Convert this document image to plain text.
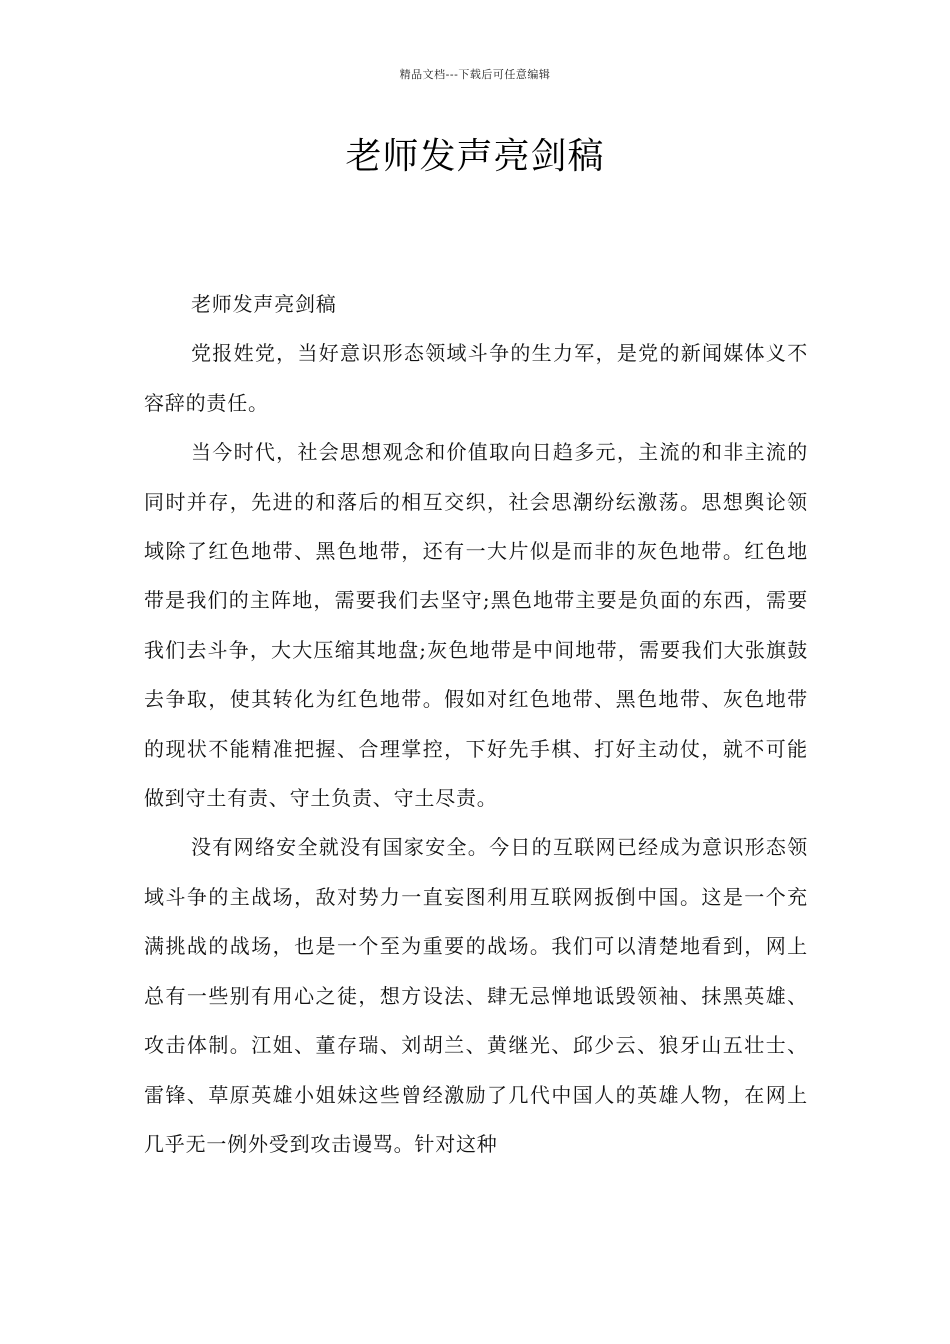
精品文档---下载后可任意编辑
老师发声亮剑稿

老师发声亮剑稿

党报姓党，当好意识形态领域斗争的生力军，是党的新闻媒体义不容辞的责任。

当今时代，社会思想观念和价值取向日趋多元，主流的和非主流的同时并存，先进的和落后的相互交织，社会思潮纷纭激荡。思想舆论领域除了红色地带、黑色地带，还有一大片似是而非的灰色地带。红色地带是我们的主阵地，需要我们去坚守;黑色地带主要是负面的东西，需要我们去斗争，大大压缩其地盘;灰色地带是中间地带，需要我们大张旗鼓去争取，使其转化为红色地带。假如对红色地带、黑色地带、灰色地带的现状不能精准把握、合理掌控，下好先手棋、打好主动仗，就不可能做到守土有责、守土负责、守土尽责。

没有网络安全就没有国家安全。今日的互联网已经成为意识形态领域斗争的主战场，敌对势力一直妄图利用互联网扳倒中国。这是一个充满挑战的战场，也是一个至为重要的战场。我们可以清楚地看到，网上总有一些别有用心之徒，想方设法、肆无忌惮地诋毁领袖、抹黑英雄、攻击体制。江姐、董存瑞、刘胡兰、黄继光、邱少云、狼牙山五壮士、雷锋、草原英雄小姐妹这些曾经激励了几代中国人的英雄人物，在网上几乎无一例外受到攻击谩骂。针对这种
